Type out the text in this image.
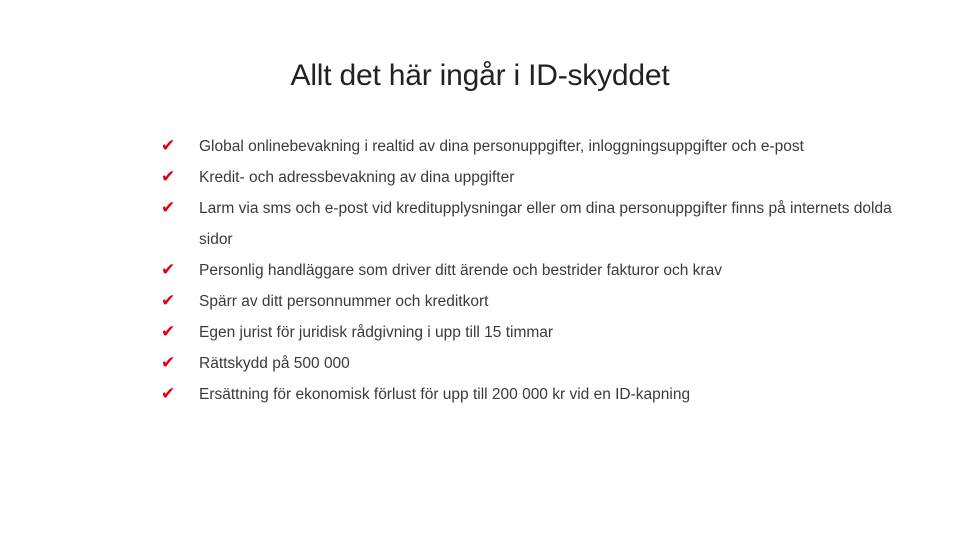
Allt det här ingår i ID-skyddet
✔	Global onlinebevakning i realtid av dina personuppgifter, inloggningsuppgifter och e-post
✔	Kredit- och adressbevakning av dina uppgifter
✔	Larm via sms och e-post vid kreditupplysningar eller om dina personuppgifter finns på internets dolda sidor
✔	Personlig handläggare som driver ditt ärende och bestrider fakturor och krav
✔	Spärr av ditt personnummer och kreditkort
✔	Egen jurist för juridisk rådgivning i upp till 15 timmar
✔	Rättskydd på 500 000
✔	Ersättning för ekonomisk förlust för upp till 200 000 kr vid en ID-kapning
